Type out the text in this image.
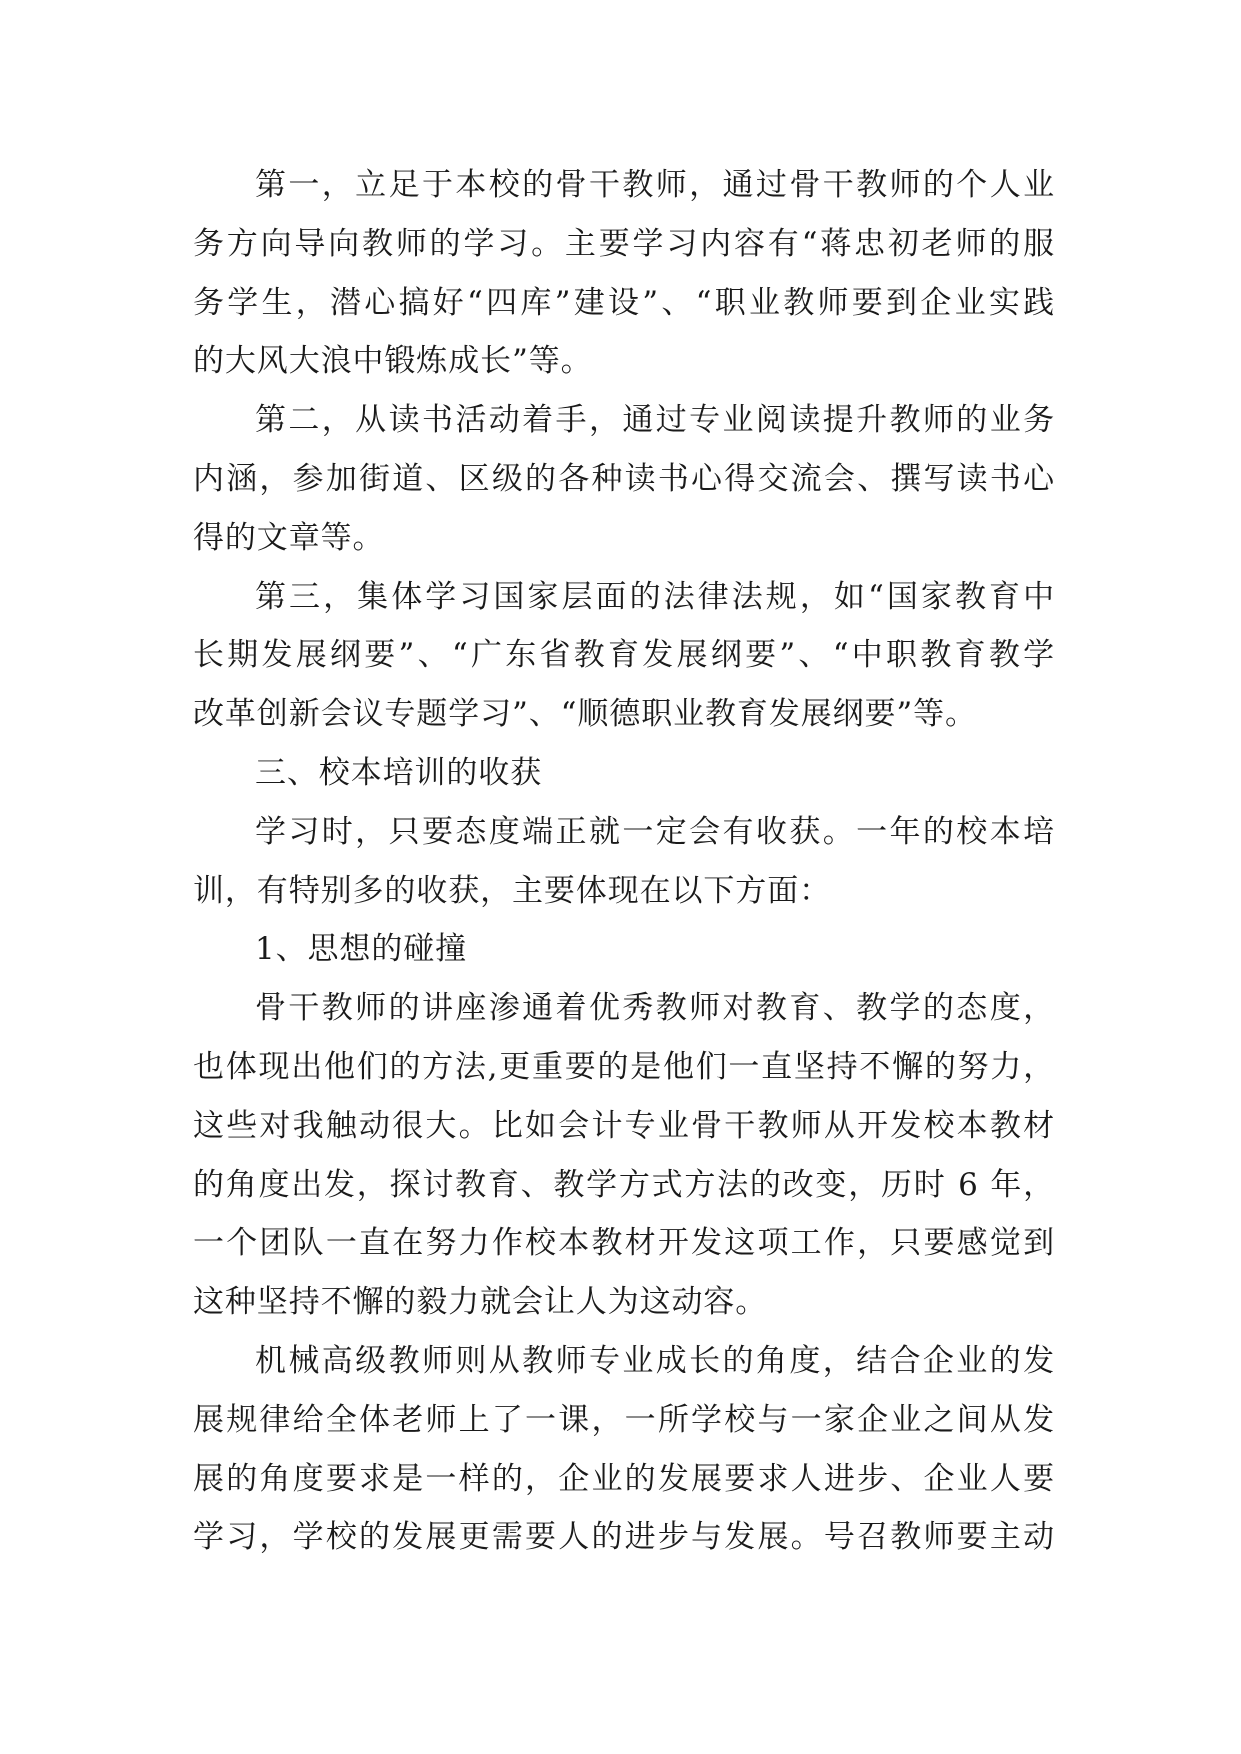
第一，立足于本校的骨干教师，通过骨干教师的个人业
务方向导向教师的学习。主要学习内容有“蒋忠初老师的服
务学生，潜心搞好“四库”建设”、“职业教师要到企业实践
的大风大浪中锻炼成长”等。
第二，从读书活动着手，通过专业阅读提升教师的业务
内涵，参加街道、区级的各种读书心得交流会、撰写读书心
得的文章等。
第三，集体学习国家层面的法律法规，如“国家教育中
长期发展纲要”、“广东省教育发展纲要”、“中职教育教学
改革创新会议专题学习”、“顺德职业教育发展纲要”等。
三、校本培训的收获
学习时，只要态度端正就一定会有收获。一年的校本培
训，有特别多的收获，主要体现在以下方面：
1、思想的碰撞
骨干教师的讲座渗通着优秀教师对教育、教学的态度，
也体现出他们的方法,更重要的是他们一直坚持不懈的努力，
这些对我触动很大。比如会计专业骨干教师从开发校本教材
的角度出发，探讨教育、教学方式方法的改变，历时 6 年，
一个团队一直在努力作校本教材开发这项工作，只要感觉到
这种坚持不懈的毅力就会让人为这动容。
机械高级教师则从教师专业成长的角度，结合企业的发
展规律给全体老师上了一课，一所学校与一家企业之间从发
展的角度要求是一样的，企业的发展要求人进步、企业人要
学习，学校的发展更需要人的进步与发展。号召教师要主动
